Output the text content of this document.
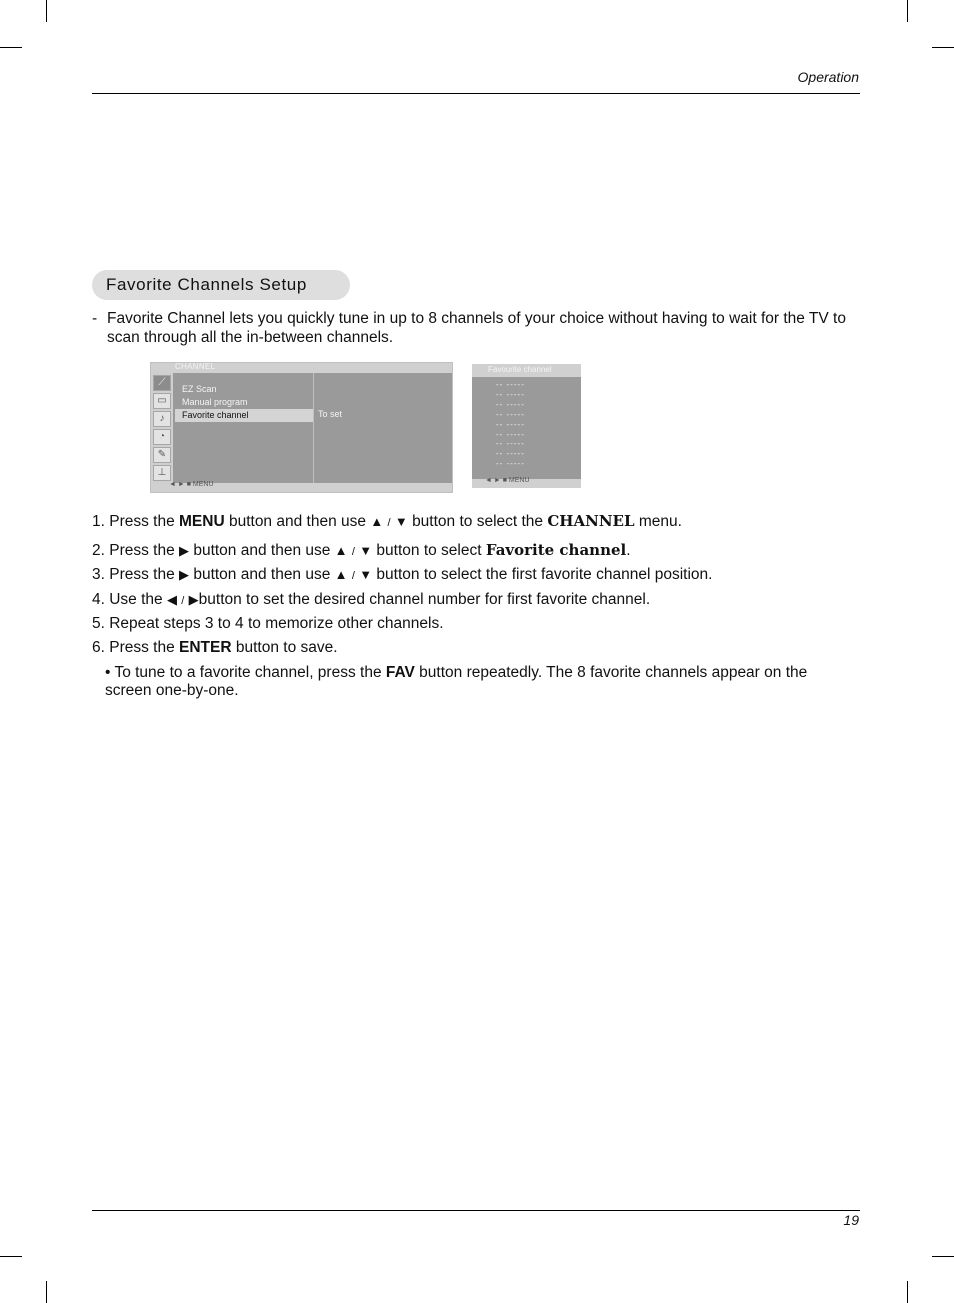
Operation
Favorite Channels Setup
- Favorite Channel lets you quickly tune in up to 8 channels of your choice without having to wait for the TV to scan through all the in-between channels.
CHANNEL
⟋
▭
♪
◔
✎
⊥
EZ Scan
Manual program
Favorite channel	To set
◄ ► ■ MENU
Favourite channel
-- -----
-- -----
-- -----
-- -----
-- -----
-- -----
-- -----
-- -----
-- -----
◄ ► ■ MENU
1. Press the MENU button and then use ▲ / ▼ button to select the CHANNEL menu.
2. Press the ▶ button and then use ▲ / ▼ button to select Favorite channel.
3. Press the ▶ button and then use ▲ / ▼ button to select the first favorite channel position.
4. Use the ◀ / ▶button to set the desired channel number for first favorite channel.
5. Repeat steps 3 to 4 to memorize other channels.
6. Press the ENTER button to save.
• To tune to a favorite channel, press the FAV button repeatedly. The 8 favorite channels appear on the screen one-by-one.
19
